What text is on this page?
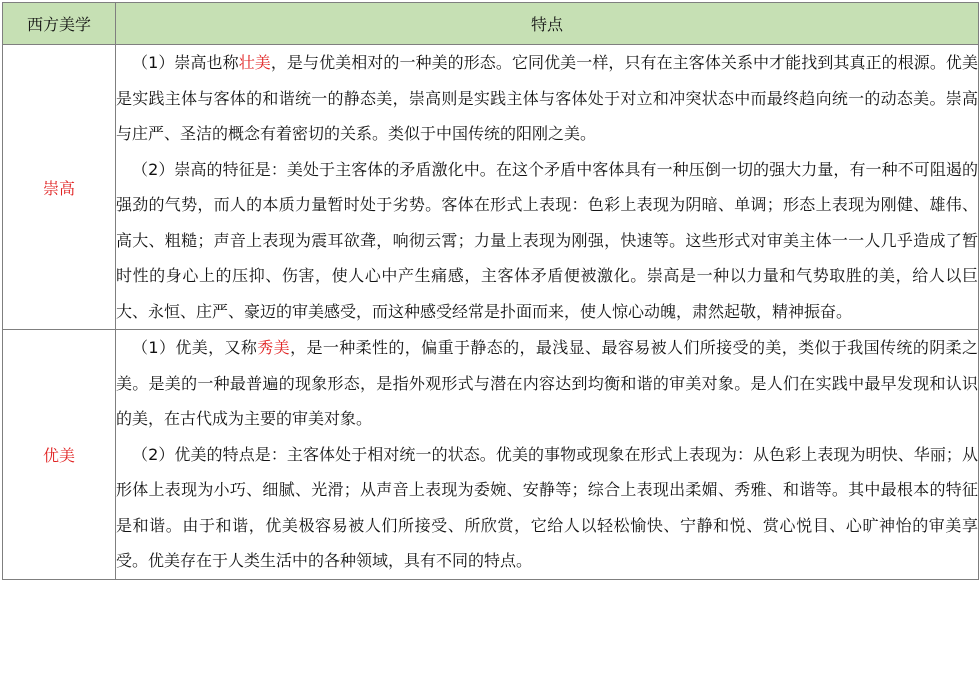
西方美学	特点
崇高	（1）崇高也称壮美，是与优美相对的一种美的形态。它同优美一样，只有在主客体关系中才能找到其真正的根源。优美是实践主体与客体的和谐统一的静态美，崇高则是实践主体与客体处于对立和冲突状态中而最终趋向统一的动态美。崇高与庄严、圣洁的概念有着密切的关系。类似于中国传统的阳刚之美。

（2）崇高的特征是：美处于主客体的矛盾激化中。在这个矛盾中客体具有一种压倒一切的强大力量，有一种不可阻遏的强劲的气势，而人的本质力量暂时处于劣势。客体在形式上表现：色彩上表现为阴暗、单调；形态上表现为刚健、雄伟、高大、粗糙；声音上表现为震耳欲聋，响彻云霄；力量上表现为刚强，快速等。这些形式对审美主体一一人几乎造成了暂时性的身心上的压抑、伤害，使人心中产生痛感，主客体矛盾便被激化。崇高是一种以力量和气势取胜的美，给人以巨大、永恒、庄严、豪迈的审美感受，而这种感受经常是扑面而来，使人惊心动魄，肃然起敬，精神振奋。

优美	（1）优美，又称秀美，是一种柔性的，偏重于静态的，最浅显、最容易被人们所接受的美，类似于我国传统的阴柔之美。是美的一种最普遍的现象形态，是指外观形式与潜在内容达到均衡和谐的审美对象。是人们在实践中最早发现和认识的美，在古代成为主要的审美对象。

（2）优美的特点是：主客体处于相对统一的状态。优美的事物或现象在形式上表现为：从色彩上表现为明快、华丽；从形体上表现为小巧、细腻、光滑；从声音上表现为委婉、安静等；综合上表现出柔媚、秀雅、和谐等。其中最根本的特征是和谐。由于和谐，优美极容易被人们所接受、所欣赏，它给人以轻松愉快、宁静和悦、赏心悦目、心旷神怡的审美享受。优美存在于人类生活中的各种领域，具有不同的特点。
